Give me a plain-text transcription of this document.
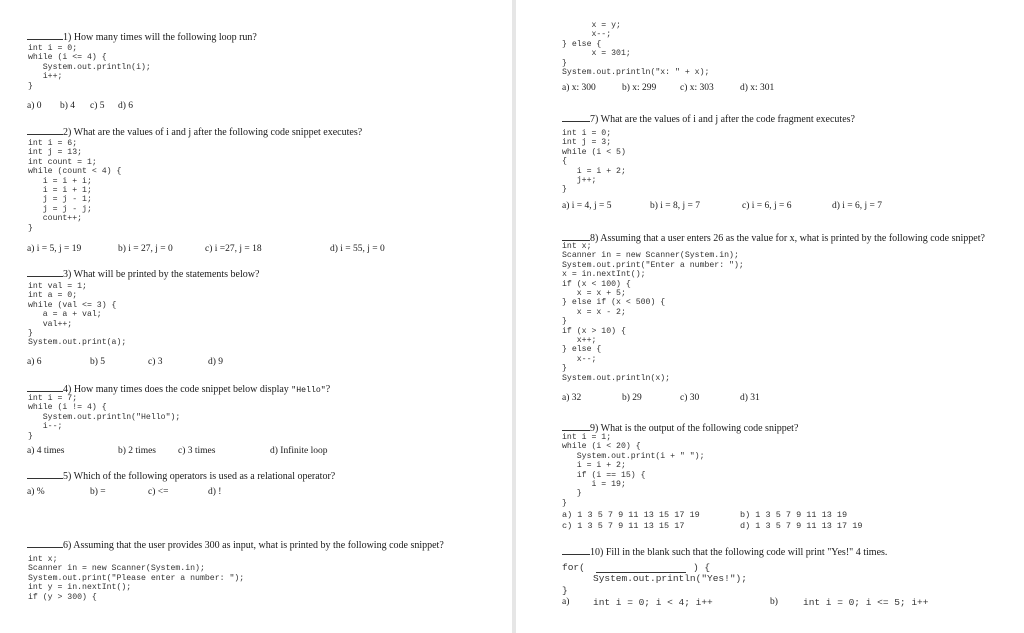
1) How many times will the following loop run?
int i = 0;
while (i <= 4) {
System.out.println(i);
i++;
}
a) 0 b) 4 c) 5 d) 6
2) What are the values of i and j after the following code snippet executes?
int i = 6;
int j = 13;
int count = 1;
while (count < 4) {
i = i + i;
i = i + 1;
j = j - 1;
j = j - j;
count++;
}
a) i = 5, j = 19	b) i = 27, j = 0	c) i =27, j = 18	d) i = 55, j = 0
3) What will be printed by the statements below?
int val = 1;
int a = 0;
while (val <= 3) {
a = a + val;
val++;
}
System.out.print(a);
a) 6	b) 5	c) 3	d) 9
4) How many times does the code snippet below display "Hello"?
int i = 7;
while (i != 4) {
System.out.println("Hello");
i--;
}
a) 4 times	b) 2 times c) 3 times	d) Infinite loop
5) Which of the following operators is used as a relational operator?
a) %	b) =	c) <=	d) !
6) Assuming that the user provides 300 as input, what is printed by the following code snippet?
int x;
Scanner in = new Scanner(System.in);
System.out.print("Please enter a number: ");
int y = in.nextInt();
if (y > 300) {
x = y;
x--;
} else {
x = 301;
}
System.out.println("x: " + x);
a) x: 300	b) x: 299 c) x: 303	d) x: 301
7) What are the values of i and j after the code fragment executes?
int i = 0;
int j = 3;
while (i < 5)
{
i = i + 2;
j++;
}
a) i = 4, j = 5	b) i = 8, j = 7	c) i = 6, j = 6	d) i = 6, j = 7
8) Assuming that a user enters 26 as the value for x, what is printed by the following code snippet?
int x;
Scanner in = new Scanner(System.in);
System.out.print("Enter a number: ");
x = in.nextInt();
if (x < 100) {
x = x + 5;
} else if (x < 500) {
x = x - 2;
}
if (x > 10) {
x++;
} else {
x--;
}
System.out.println(x);
a) 32	b) 29	c) 30	d) 31
9) What is the output of the following code snippet?
int i = 1;
while (i < 20) {
System.out.print(i + " ");
i = i + 2;
if (i == 15) {
i = 19;
}
}
a) 1 3 5 7 9 11 13 15 17 19	b) 1 3 5 7 9 11 13 19
c) 1 3 5 7 9 11 13 15 17	d) 1 3 5 7 9 11 13 17 19
10) Fill in the blank such that the following code will print "Yes!" 4 times.
for(	) {
System.out.println("Yes!");
}
a) int i = 0; i < 4; i++	b)	int i = 0; i <= 5; i++
